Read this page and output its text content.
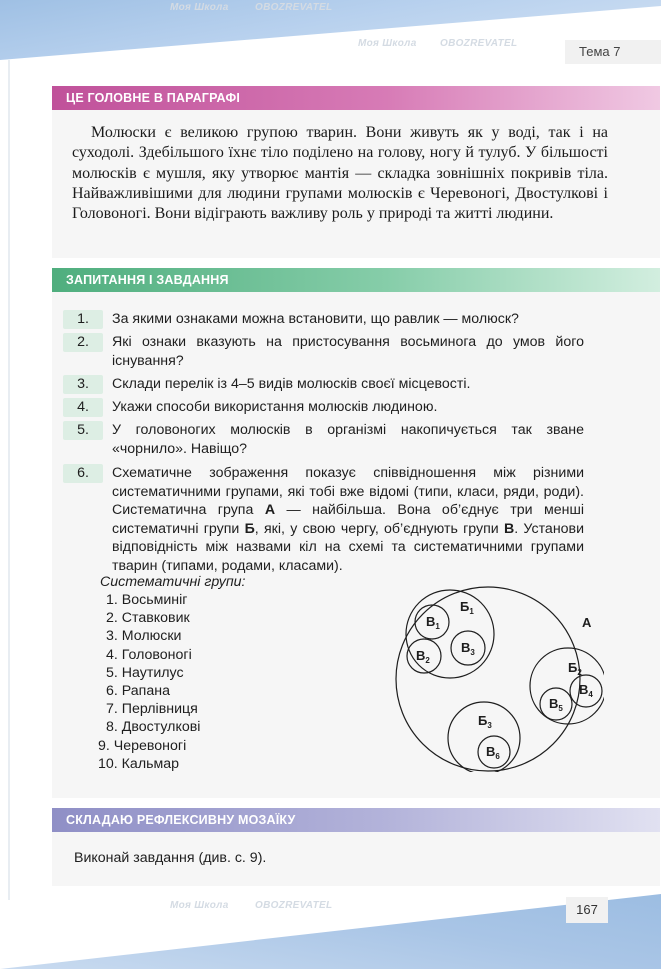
Моя Школа	OBOZREVATEL
Моя Школа OBOZREVATEL
Моя Школа	OBOZREVATEL
Тема 7
ЦЕ ГОЛОВНЕ В ПАРАГРАФІ

Молюски є великою групою тварин. Вони живуть як у воді, так і на суходолі. Здебільшого їхнє тіло поділено на голову, ногу й тулуб. У більшості молюсків є мушля, яку утворює мантія — складка зовнішніх покривів тіла. Найважливішими для людини групами молюсків є Черевоногі, Двостулкові і Головоногі. Вони відіграють важливу роль у природі та житті людини.

ЗАПИТАННЯ І ЗАВДАННЯ
1.	За якими ознаками можна встановити, що равлик — молюск?
2.	Які ознаки вказують на пристосування восьминога до умов його існування?
3.	Склади перелік із 4–5 видів молюсків своєї місцевості.
4.	Укажи способи використання молюсків людиною.
5.	У головоногих молюсків в організмі накопичується так зване «чорнило». Навіщо?
6.	Схематичне зображення показує співвідношення між різними систематичними групами, які тобі вже відомі (типи, класи, ряди, роди). Систематична група А — найбільша. Вона об’єднує три менші систематичні групи Б, які, у свою чергу, об’єднують групи В. Установи відповідність між назвами кіл на схемі та систематичними групами тварин (типами, родами, класами).
Систематичні групи:
1. Восьминіг
2. Ставковик
3. Молюски
4. Головоногі
5. Наутилус
6. Рапана
7. Перлівниця
8. Двостулкові
9. Черевоногі
10. Кальмар
А
$Б_1$
$В_1$
$В_2$
$В_3$
$Б_2$
$В_4$
$В_5$
$Б_3$
$В_6$
СКЛАДАЮ РЕФЛЕКСИВНУ МОЗАЇКУ
Виконай завдання (див. с. 9).
167
